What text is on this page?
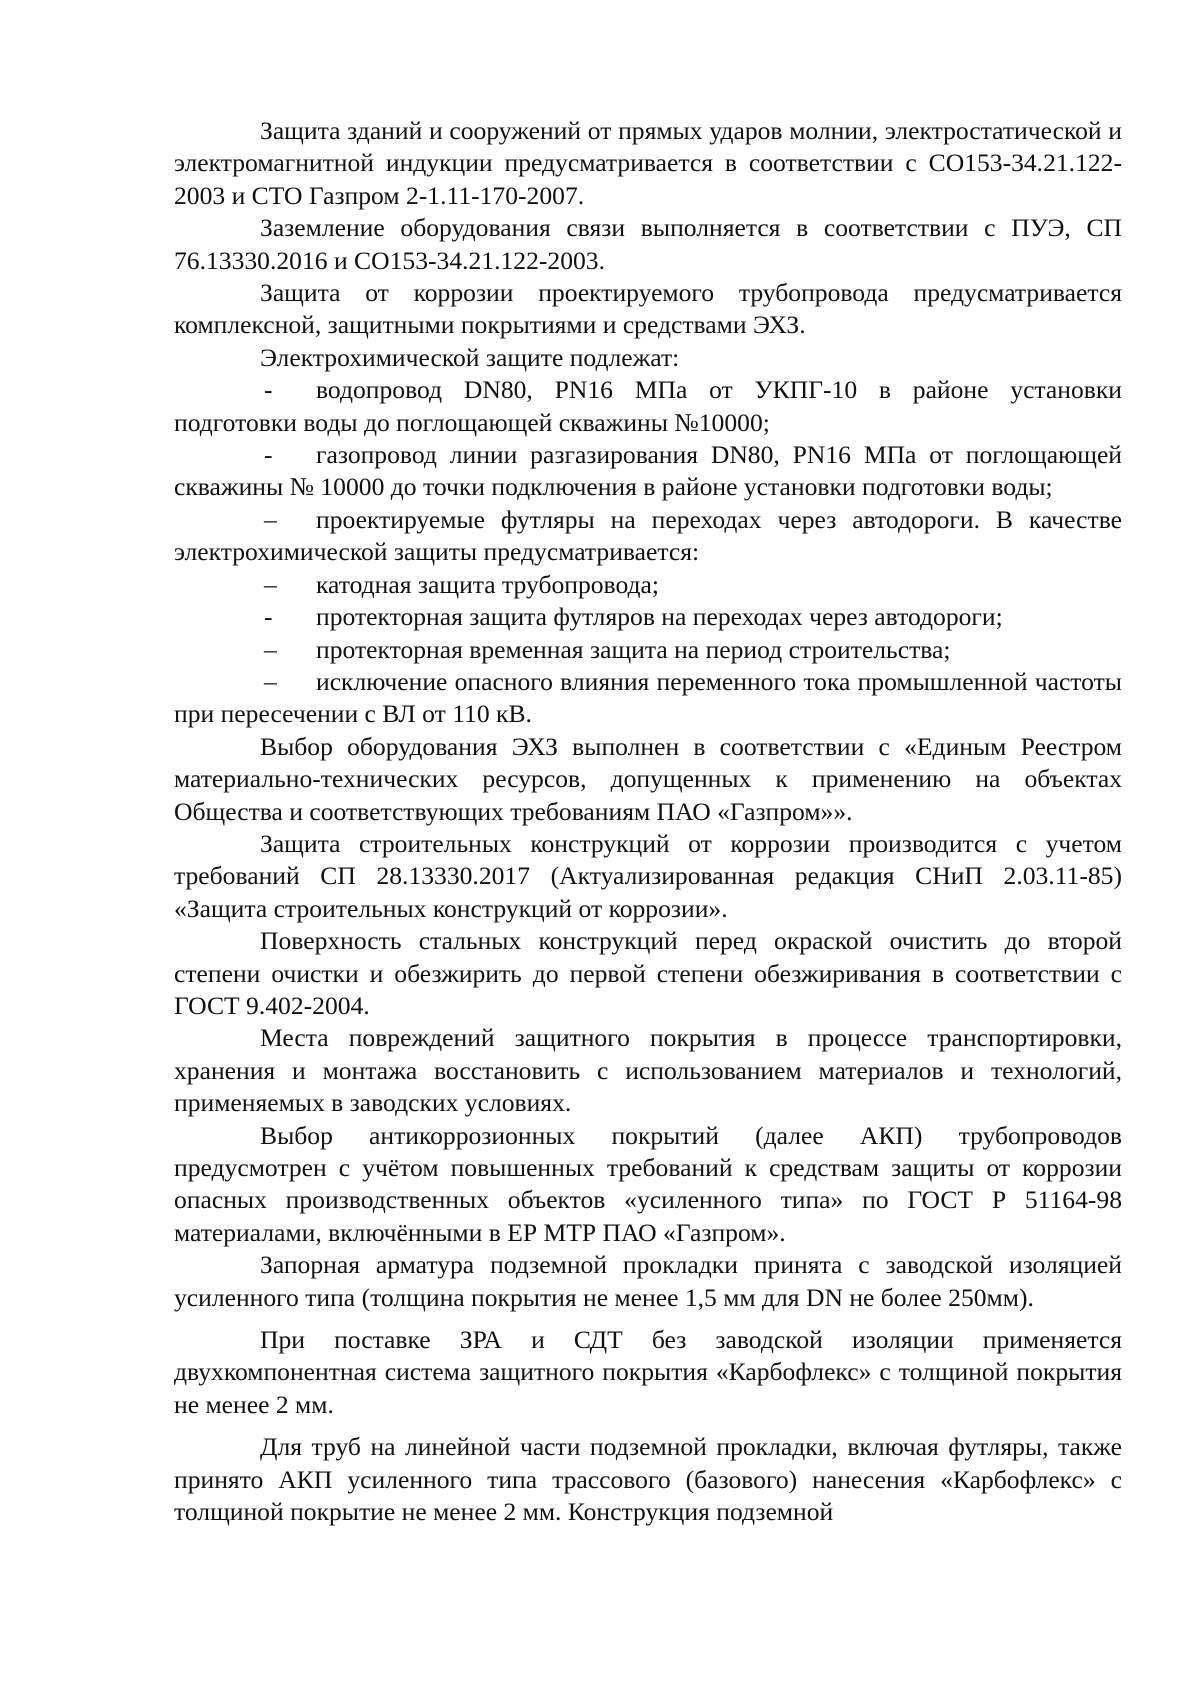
Защита зданий и сооружений от прямых ударов молнии, электростатической и электромагнитной индукции предусматривается в соответствии с СО153-34.21.122-2003 и СТО Газпром 2-1.11-170-2007.

Заземление оборудования связи выполняется в соответствии с ПУЭ, СП 76.13330.2016 и СО153-34.21.122-2003.

Защита от коррозии проектируемого трубопровода предусматривается комплексной, защитными покрытиями и средствами ЭХЗ.

Электрохимической защите подлежат:

- водопровод DN80, PN16 МПа от УКПГ-10 в районе установки подготовки воды до поглощающей скважины №10000;

- газопровод линии разгазирования DN80, PN16 МПа от поглощающей скважины № 10000 до точки подключения в районе установки подготовки воды;

– проектируемые футляры на переходах через автодороги. В качестве электрохимической защиты предусматривается:

– катодная защита трубопровода;

- протекторная защита футляров на переходах через автодороги;

– протекторная временная защита на период строительства;

– исключение опасного влияния переменного тока промышленной частоты при пересечении с ВЛ от 110 кВ.

Выбор оборудования ЭХЗ выполнен в соответствии с «Единым Реестром материально-технических ресурсов, допущенных к применению на объектах Общества и соответствующих требованиям ПАО «Газпром»».

Защита строительных конструкций от коррозии производится с учетом требований СП 28.13330.2017 (Актуализированная редакция СНиП 2.03.11-85) «Защита строительных конструкций от коррозии».

Поверхность стальных конструкций перед окраской очистить до второй степени очистки и обезжирить до первой степени обезжиривания в соответствии с ГОСТ 9.402-2004.

Места повреждений защитного покрытия в процессе транспортировки, хранения и монтажа восстановить с использованием материалов и технологий, применяемых в заводских условиях.

Выбор антикоррозионных покрытий (далее АКП) трубопроводов предусмотрен с учётом повышенных требований к средствам защиты от коррозии опасных производственных объектов «усиленного типа» по ГОСТ Р 51164-98 материалами, включёнными в ЕР МТР ПАО «Газпром».

Запорная арматура подземной прокладки принята с заводской изоляцией усиленного типа (толщина покрытия не менее 1,5 мм для DN не более 250мм).

При поставке ЗРА и СДТ без заводской изоляции применяется двухкомпонентная система защитного покрытия «Карбофлекс» с толщиной покрытия не менее 2 мм.

Для труб на линейной части подземной прокладки, включая футляры, также принято АКП усиленного типа трассового (базового) нанесения «Карбофлекс» с толщиной покрытие не менее 2 мм. Конструкция подземной
